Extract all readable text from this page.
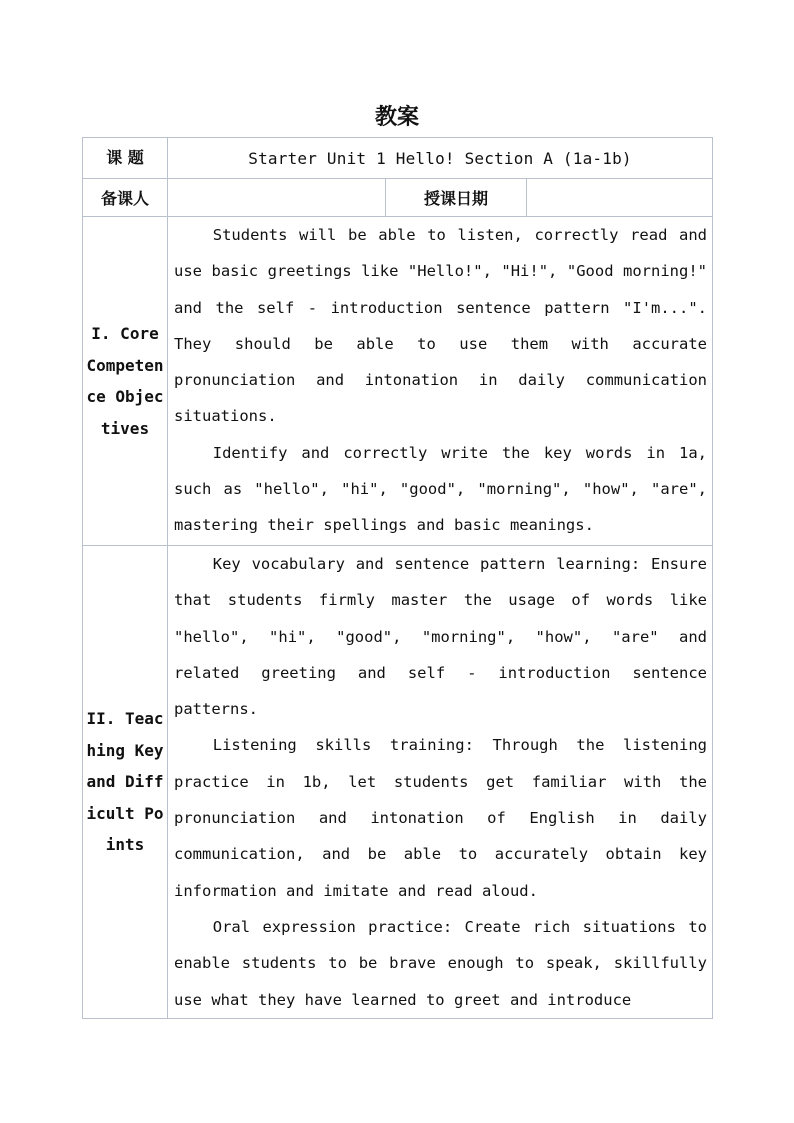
教案
课 题	Starter Unit 1 Hello! Section A (1a-1b)		
备课人		授课日期	
I. Core Competence Objectives	Students will be able to listen, correctly read and use basic greetings like "Hello!", "Hi!", "Good morning!" and the self - introduction sentence pattern "I'm...". They should be able to use them with accurate pronunciation and intonation in daily communication situations.

Identify and correctly write the key words in 1a, such as "hello", "hi", "good", "morning", "how", "are", mastering their spellings and basic meanings.		

II. Teaching Key and Difficult Points	Key vocabulary and sentence pattern learning: Ensure that students firmly master the usage of words like "hello", "hi", "good", "morning", "how", "are" and related greeting and self - introduction sentence patterns.

Listening skills training: Through the listening practice in 1b, let students get familiar with the pronunciation and intonation of English in daily communication, and be able to accurately obtain key information and imitate and read aloud.

Oral expression practice: Create rich situations to enable students to be brave enough to speak, skillfully use what they have learned to greet and introduce		
